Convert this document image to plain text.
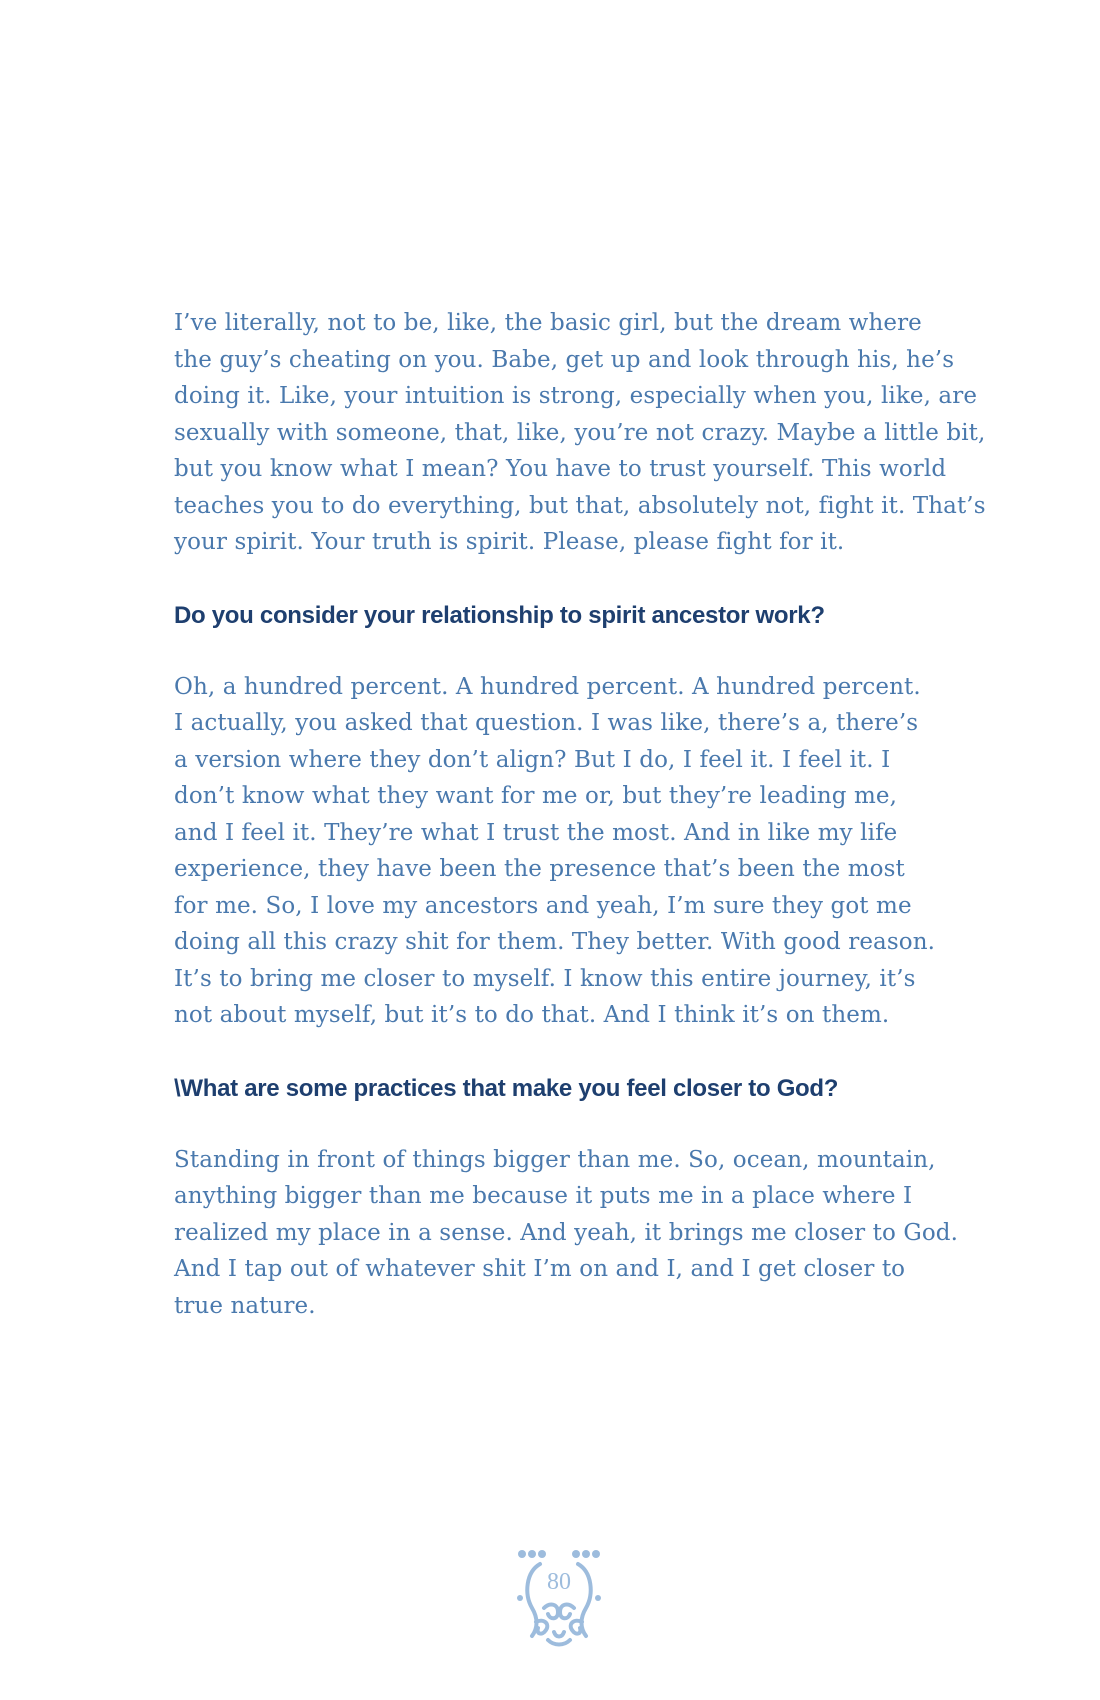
I’ve literally, not to be, like, the basic girl, but the dream where
the guy’s cheating on you. Babe, get up and look through his, he’s
doing it. Like, your intuition is strong, especially when you, like, are
sexually with someone, that, like, you’re not crazy. Maybe a little bit,
but you know what I mean? You have to trust yourself. This world
teaches you to do everything, but that, absolutely not, fight it. That’s
your spirit. Your truth is spirit. Please, please fight for it.
Do you consider your relationship to spirit ancestor work?
Oh, a hundred percent. A hundred percent. A hundred percent.
I actually, you asked that question. I was like, there’s a, there’s
a version where they don’t align? But I do, I feel it. I feel it. I
don’t know what they want for me or, but they’re leading me,
and I feel it. They’re what I trust the most. And in like my life
experience, they have been the presence that’s been the most
for me. So, I love my ancestors and yeah, I’m sure they got me
doing all this crazy shit for them. They better. With good reason.
It’s to bring me closer to myself. I know this entire journey, it’s
not about myself, but it’s to do that. And I think it’s on them.
\What are some practices that make you feel closer to God?
Standing in front of things bigger than me. So, ocean, mountain,
anything bigger than me because it puts me in a place where I
realized my place in a sense. And yeah, it brings me closer to God.
And I tap out of whatever shit I’m on and I, and I get closer to
true nature.
80
